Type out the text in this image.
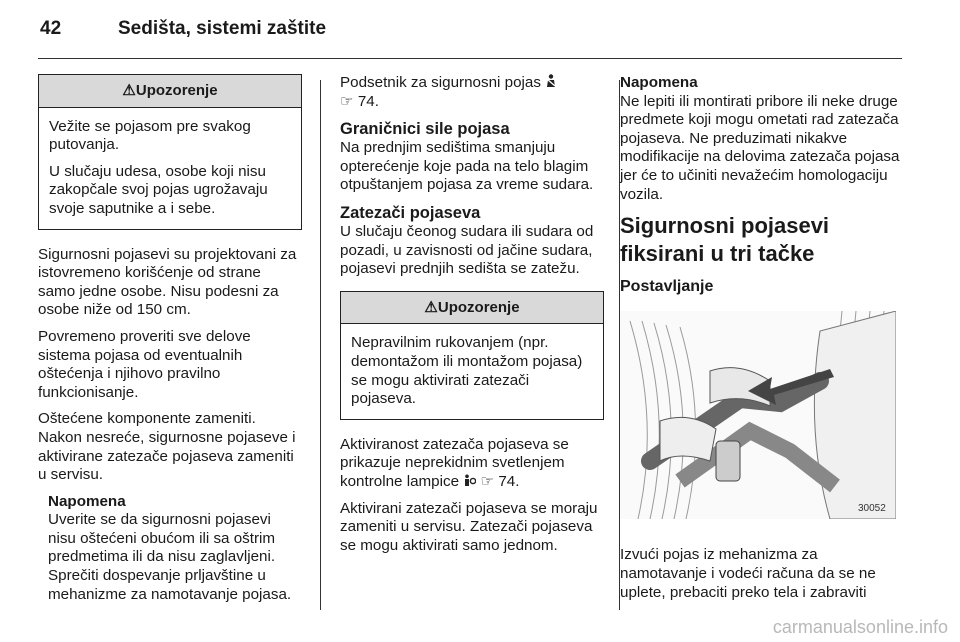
42	Sedišta, sistemi zaštite
⚠Upozorenje

Vežite se pojasom pre svakog putovanja.

U slučaju udesa, osobe koji nisu zakopčale svoj pojas ugrožavaju svoje saputnike a i sebe.

Sigurnosni pojasevi su projektovani za istovremeno korišćenje od strane samo jedne osobe. Nisu podesni za osobe niže od 150 cm.

Povremeno proveriti sve delove sistema pojasa od eventualnih oštećenja i njihovo pravilno funkcionisanje.

Oštećene komponente zameniti. Nakon nesreće, sigurnosne pojaseve i aktivirane zatezače pojaseva zameniti u servisu.

Napomena
Uverite se da sigurnosni pojasevi nisu oštećeni obućom ili sa oštrim predmetima ili da nisu zaglavljeni. Sprečiti dospevanje prljavštine u mehanizme za namotavanje pojasa.

Podsetnik za sigurnosni pojas
☞ 74.

Graničnici sile pojasa

Na prednjim sedištima smanjuju opterećenje koje pada na telo blagim otpuštanjem pojasa za vreme sudara.

Zatezači pojaseva

U slučaju čeonog sudara ili sudara od pozadi, u zavisnosti od jačine sudara, pojasevi prednjih sedišta se zatežu.

⚠Upozorenje

Nepravilnim rukovanjem (npr. demontažom ili montažom pojasa) se mogu aktivirati zatezači pojaseva.

Aktiviranost zatezača pojaseva se prikazuje neprekidnim svetlenjem kontrolne lampice ☞ 74.

Aktivirani zatezači pojaseva se moraju zameniti u servisu. Zatezači pojaseva se mogu aktivirati samo jednom.

Napomena
Ne lepiti ili montirati pribore ili neke druge predmete koji mogu ometati rad zatezača pojaseva. Ne preduzimati nikakve modifikacije na delovima zatezača pojasa jer će to učiniti nevažećim homologaciju vozila.
Sigurnosni pojasevi fiksirani u tri tačke
Postavljanje
30052

Izvući pojas iz mehanizma za namotavanje i vodeći računa da se ne uplete, prebaciti preko tela i zabraviti

carmanualsonline.info
